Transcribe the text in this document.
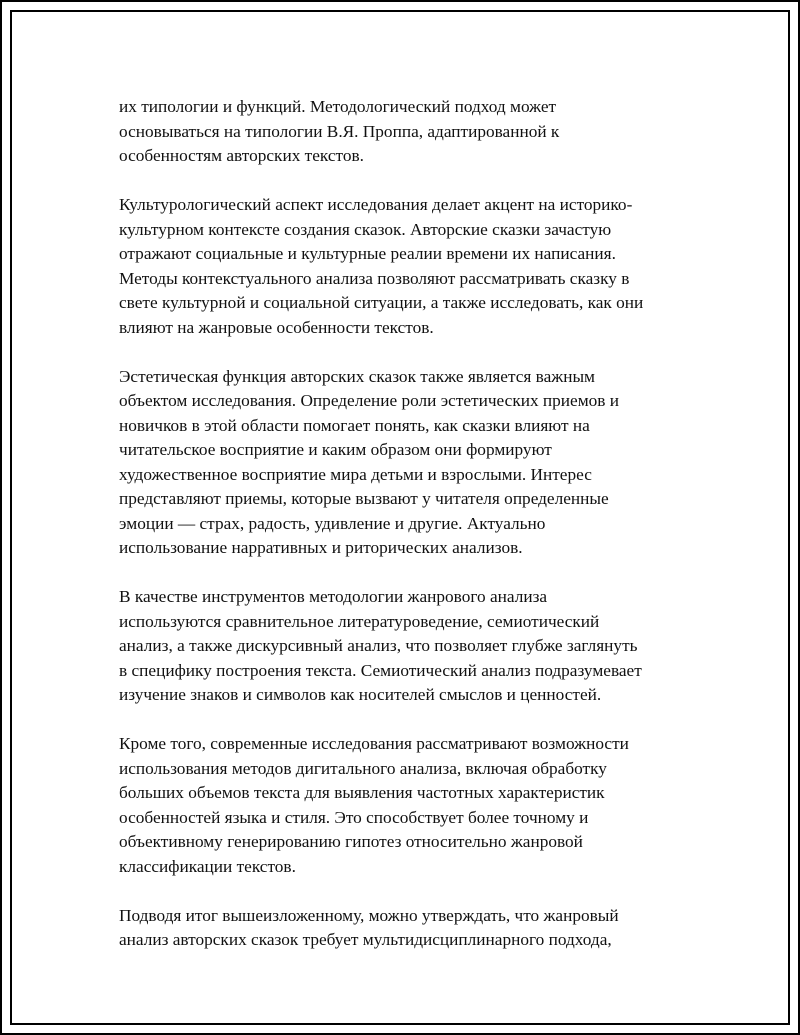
их типологии и функций. Методологический подход может
основываться на типологии В.Я. Проппа, адаптированной к
особенностям авторских текстов.

Культурологический аспект исследования делает акцент на историко-
культурном контексте создания сказок. Авторские сказки зачастую
отражают социальные и культурные реалии времени их написания.
Методы контекстуального анализа позволяют рассматривать сказку в
свете культурной и социальной ситуации, а также исследовать, как они
влияют на жанровые особенности текстов.

Эстетическая функция авторских сказок также является важным
объектом исследования. Определение роли эстетических приемов и
новичков в этой области помогает понять, как сказки влияют на
читательское восприятие и каким образом они формируют
художественное восприятие мира детьми и взрослыми. Интерес
представляют приемы, которые вызвают у читателя определенные
эмоции — страх, радость, удивление и другие. Актуально
использование нарративных и риторических анализов.

В качестве инструментов методологии жанрового анализа
используются сравнительное литературоведение, семиотический
анализ, а также дискурсивный анализ, что позволяет глубже заглянуть
в специфику построения текста. Семиотический анализ подразумевает
изучение знаков и символов как носителей смыслов и ценностей.

Кроме того, современные исследования рассматривают возможности
использования методов дигитального анализа, включая обработку
больших объемов текста для выявления частотных характеристик
особенностей языка и стиля. Это способствует более точному и
объективному генерированию гипотез относительно жанровой
классификации текстов.

Подводя итог вышеизложенному, можно утверждать, что жанровый
анализ авторских сказок требует мультидисциплинарного подхода,
